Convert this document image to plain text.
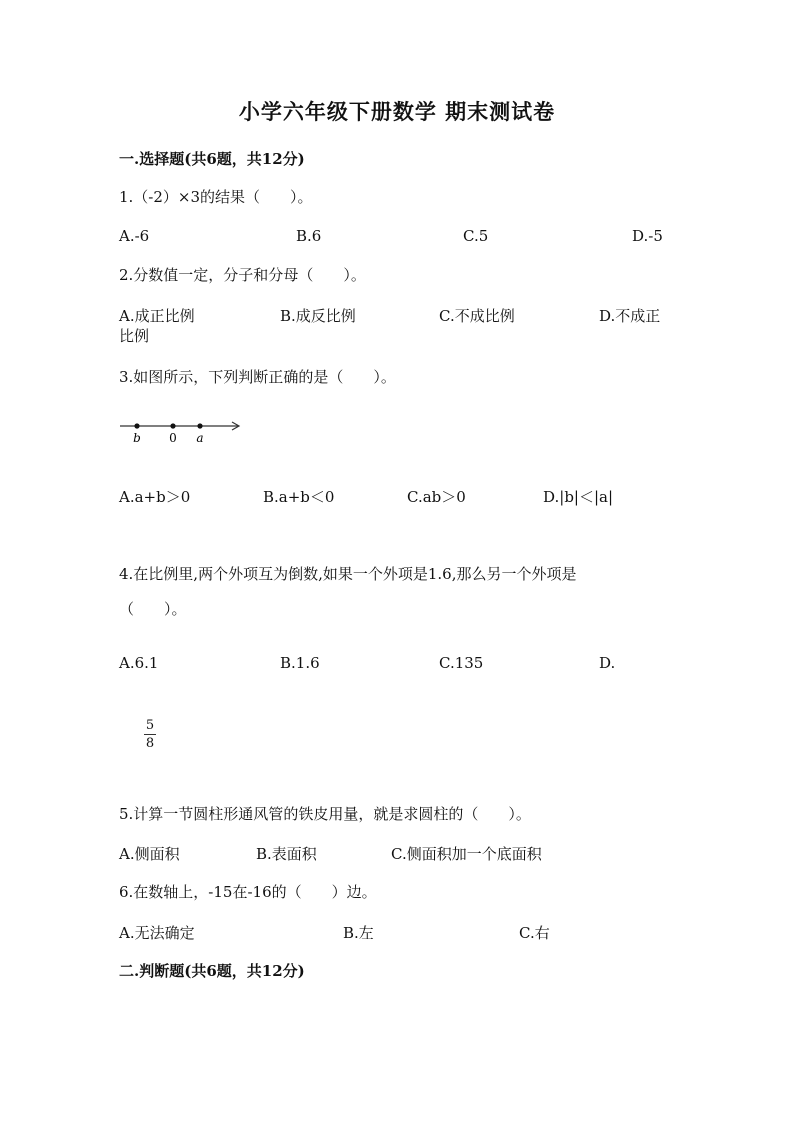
小学六年级下册数学 期末测试卷
一.选择题(共6题，共12分)
1.（-2）×3的结果（　　）。
A.-6	B.6	C.5	D.-5
2.分数值一定，分子和分母（　　）。
A.成正比例	B.成反比例	C.不成比例	D.不成正
比例
3.如图所示，下列判断正确的是（　　）。
b 0 a
A.a+b＞0	B.a+b＜0	C.ab＞0	D.|b|＜|a|
4.在比例里,两个外项互为倒数,如果一个外项是1.6,那么另一个外项是
（　　）。
A.6.1	B.1.6	C.135	D.
5
8
5.计算一节圆柱形通风管的铁皮用量，就是求圆柱的（　　）。
A.侧面积	B.表面积	C.侧面积加一个底面积
6.在数轴上，-15在-16的（　　）边。
A.无法确定	B.左	C.右
二.判断题(共6题，共12分)
